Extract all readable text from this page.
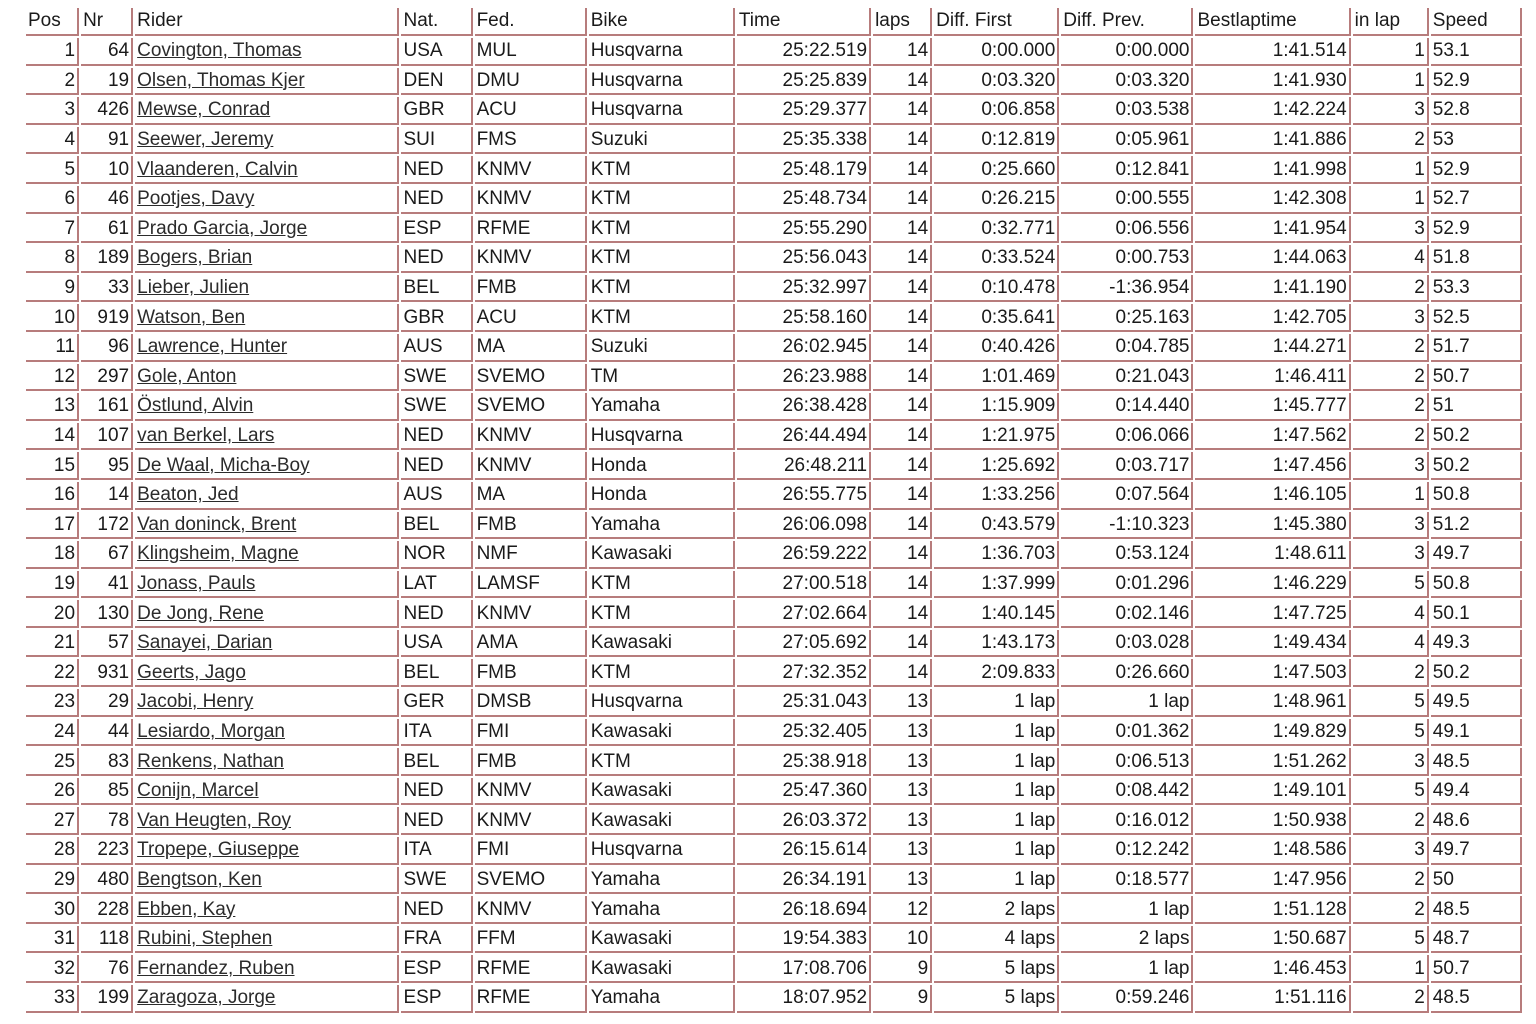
Pos	Nr	Rider	Nat.	Fed.	Bike	Time	laps	Diff. First	Diff. Prev.	Bestlaptime	in lap	Speed
1	64	Covington, Thomas	USA	MUL	Husqvarna	25:22.519	14	0:00.000	0:00.000	1:41.514	1	53.1
2	19	Olsen, Thomas Kjer	DEN	DMU	Husqvarna	25:25.839	14	0:03.320	0:03.320	1:41.930	1	52.9
3	426	Mewse, Conrad	GBR	ACU	Husqvarna	25:29.377	14	0:06.858	0:03.538	1:42.224	3	52.8
4	91	Seewer, Jeremy	SUI	FMS	Suzuki	25:35.338	14	0:12.819	0:05.961	1:41.886	2	53
5	10	Vlaanderen, Calvin	NED	KNMV	KTM	25:48.179	14	0:25.660	0:12.841	1:41.998	1	52.9
6	46	Pootjes, Davy	NED	KNMV	KTM	25:48.734	14	0:26.215	0:00.555	1:42.308	1	52.7
7	61	Prado Garcia, Jorge	ESP	RFME	KTM	25:55.290	14	0:32.771	0:06.556	1:41.954	3	52.9
8	189	Bogers, Brian	NED	KNMV	KTM	25:56.043	14	0:33.524	0:00.753	1:44.063	4	51.8
9	33	Lieber, Julien	BEL	FMB	KTM	25:32.997	14	0:10.478	-1:36.954	1:41.190	2	53.3
10	919	Watson, Ben	GBR	ACU	KTM	25:58.160	14	0:35.641	0:25.163	1:42.705	3	52.5
11	96	Lawrence, Hunter	AUS	MA	Suzuki	26:02.945	14	0:40.426	0:04.785	1:44.271	2	51.7
12	297	Gole, Anton	SWE	SVEMO	TM	26:23.988	14	1:01.469	0:21.043	1:46.411	2	50.7
13	161	Östlund, Alvin	SWE	SVEMO	Yamaha	26:38.428	14	1:15.909	0:14.440	1:45.777	2	51
14	107	van Berkel, Lars	NED	KNMV	Husqvarna	26:44.494	14	1:21.975	0:06.066	1:47.562	2	50.2
15	95	De Waal, Micha-Boy	NED	KNMV	Honda	26:48.211	14	1:25.692	0:03.717	1:47.456	3	50.2
16	14	Beaton, Jed	AUS	MA	Honda	26:55.775	14	1:33.256	0:07.564	1:46.105	1	50.8
17	172	Van doninck, Brent	BEL	FMB	Yamaha	26:06.098	14	0:43.579	-1:10.323	1:45.380	3	51.2
18	67	Klingsheim, Magne	NOR	NMF	Kawasaki	26:59.222	14	1:36.703	0:53.124	1:48.611	3	49.7
19	41	Jonass, Pauls	LAT	LAMSF	KTM	27:00.518	14	1:37.999	0:01.296	1:46.229	5	50.8
20	130	De Jong, Rene	NED	KNMV	KTM	27:02.664	14	1:40.145	0:02.146	1:47.725	4	50.1
21	57	Sanayei, Darian	USA	AMA	Kawasaki	27:05.692	14	1:43.173	0:03.028	1:49.434	4	49.3
22	931	Geerts, Jago	BEL	FMB	KTM	27:32.352	14	2:09.833	0:26.660	1:47.503	2	50.2
23	29	Jacobi, Henry	GER	DMSB	Husqvarna	25:31.043	13	1 lap	1 lap	1:48.961	5	49.5
24	44	Lesiardo, Morgan	ITA	FMI	Kawasaki	25:32.405	13	1 lap	0:01.362	1:49.829	5	49.1
25	83	Renkens, Nathan	BEL	FMB	KTM	25:38.918	13	1 lap	0:06.513	1:51.262	3	48.5
26	85	Conijn, Marcel	NED	KNMV	Kawasaki	25:47.360	13	1 lap	0:08.442	1:49.101	5	49.4
27	78	Van Heugten, Roy	NED	KNMV	Kawasaki	26:03.372	13	1 lap	0:16.012	1:50.938	2	48.6
28	223	Tropepe, Giuseppe	ITA	FMI	Husqvarna	26:15.614	13	1 lap	0:12.242	1:48.586	3	49.7
29	480	Bengtson, Ken	SWE	SVEMO	Yamaha	26:34.191	13	1 lap	0:18.577	1:47.956	2	50
30	228	Ebben, Kay	NED	KNMV	Yamaha	26:18.694	12	2 laps	1 lap	1:51.128	2	48.5
31	118	Rubini, Stephen	FRA	FFM	Kawasaki	19:54.383	10	4 laps	2 laps	1:50.687	5	48.7
32	76	Fernandez, Ruben	ESP	RFME	Kawasaki	17:08.706	9	5 laps	1 lap	1:46.453	1	50.7
33	199	Zaragoza, Jorge	ESP	RFME	Yamaha	18:07.952	9	5 laps	0:59.246	1:51.116	2	48.5
